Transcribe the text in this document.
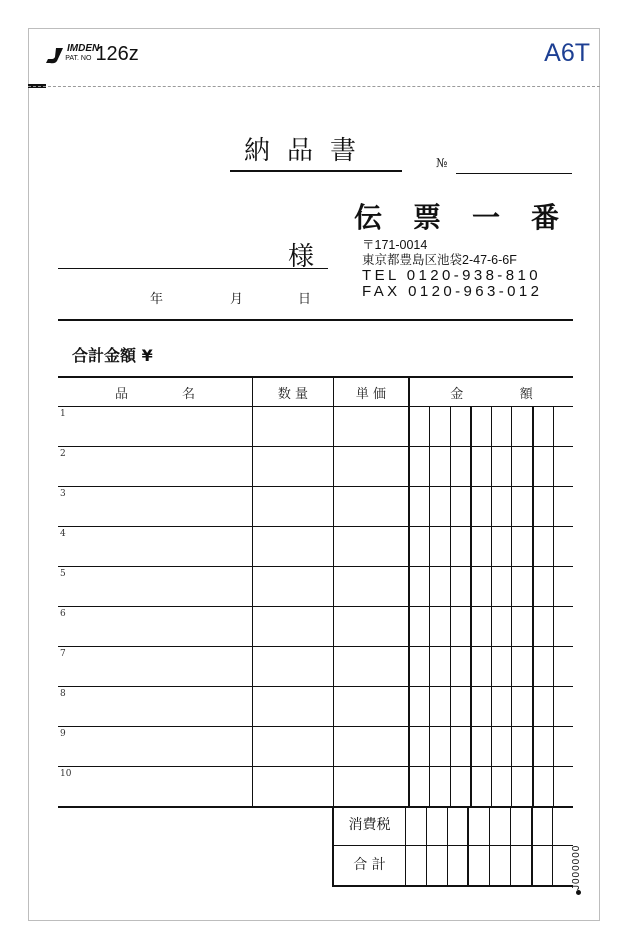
IMDEN
PAT. NO 126z	A6T
納品書	№
様
年	月	日
伝票一番
〒171-0014
東京都豊島区池袋2-47-6-6F
TEL 0120-938-810
FAX 0120-963-012
合計金額 ¥
品 名	数 量	単 価	金 額

1			

2			

3			

4			

5			

6			

7			

8			

9			

10			

消費税
合 計	J000000
